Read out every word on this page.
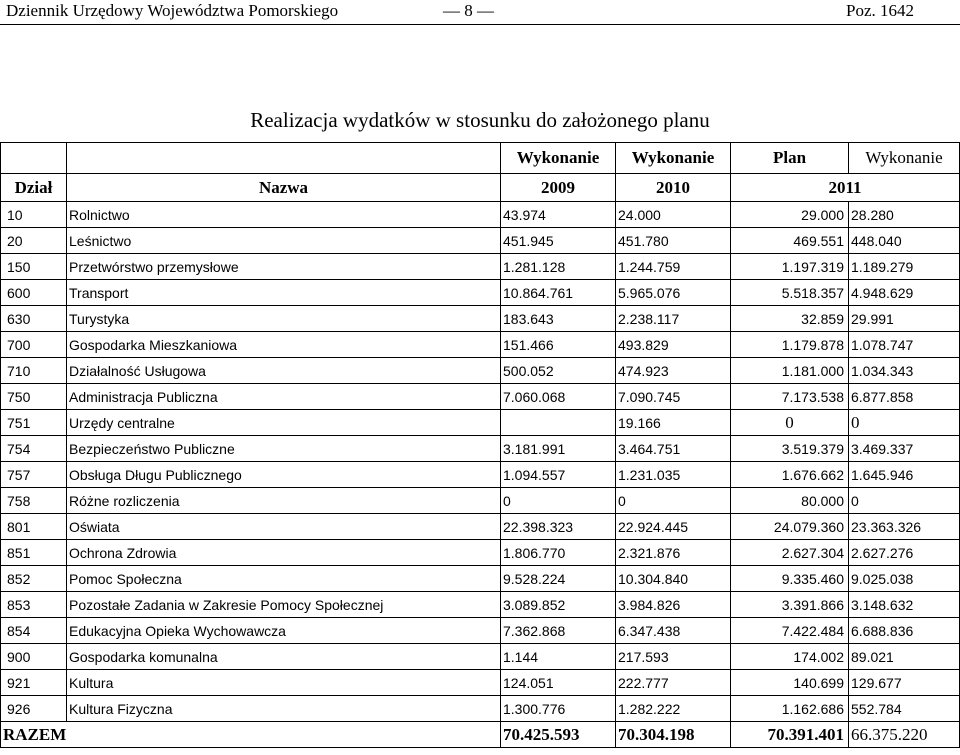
Dziennik Urzędowy Województwa Pomorskiego	— 8 —	Poz. 1642
Realizacja wydatków w stosunku do założonego planu
		Wykonanie	Wykonanie	Plan	Wykonanie
Dział	Nazwa	2009	2010	2011	
10	Rolnictwo	43.974	24.000	29.000	28.280
20	Leśnictwo	451.945	451.780	469.551	448.040
150	Przetwórstwo przemysłowe	1.281.128	1.244.759	1.197.319	1.189.279
600	Transport	10.864.761	5.965.076	5.518.357	4.948.629
630	Turystyka	183.643	2.238.117	32.859	29.991
700	Gospodarka Mieszkaniowa	151.466	493.829	1.179.878	1.078.747
710	Działalność Usługowa	500.052	474.923	1.181.000	1.034.343
750	Administracja Publiczna	7.060.068	7.090.745	7.173.538	6.877.858
751	Urzędy centralne		19.166	0	0
754	Bezpieczeństwo Publiczne	3.181.991	3.464.751	3.519.379	3.469.337
757	Obsługa Długu Publicznego	1.094.557	1.231.035	1.676.662	1.645.946
758	Różne rozliczenia	0	0	80.000	0
801	Oświata	22.398.323	22.924.445	24.079.360	23.363.326
851	Ochrona Zdrowia	1.806.770	2.321.876	2.627.304	2.627.276
852	Pomoc Społeczna	9.528.224	10.304.840	9.335.460	9.025.038
853	Pozostałe Zadania w Zakresie Pomocy Społecznej	3.089.852	3.984.826	3.391.866	3.148.632
854	Edukacyjna Opieka Wychowawcza	7.362.868	6.347.438	7.422.484	6.688.836
900	Gospodarka komunalna	1.144	217.593	174.002	89.021
921	Kultura	124.051	222.777	140.699	129.677
926	Kultura Fizyczna	1.300.776	1.282.222	1.162.686	552.784
RAZEM		70.425.593	70.304.198	70.391.401	66.375.220
